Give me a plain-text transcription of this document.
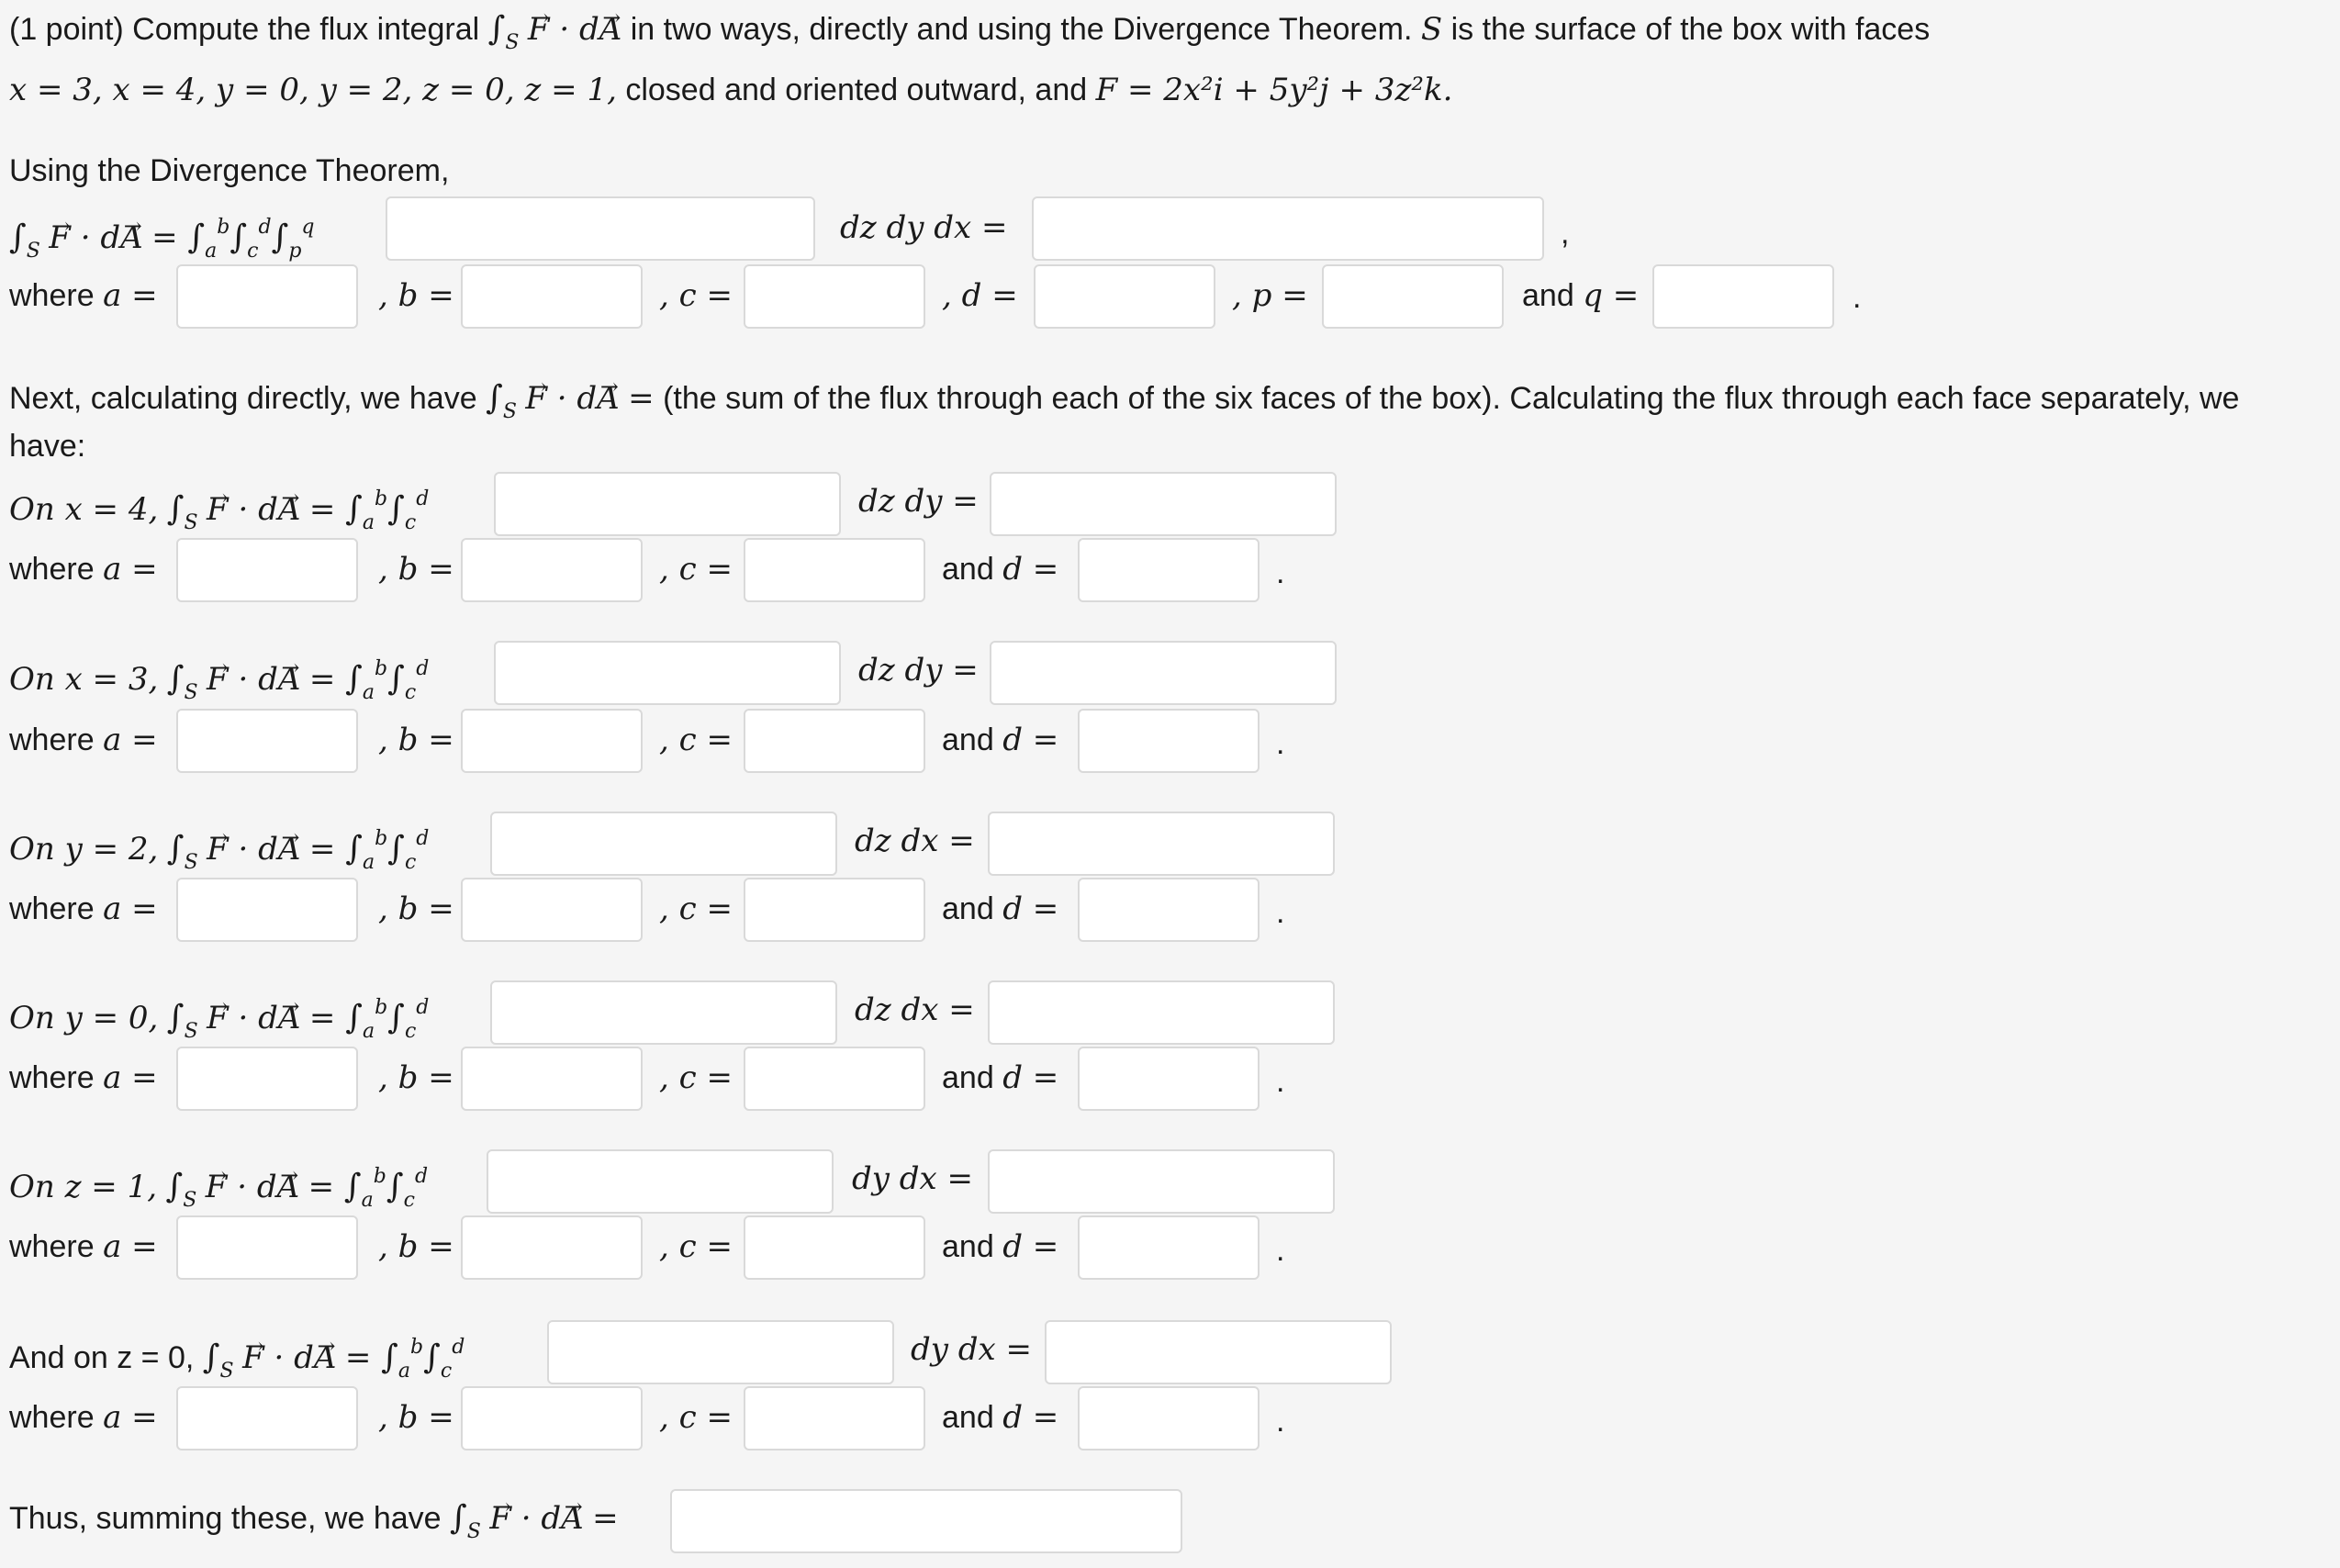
(1 point) Compute the flux integral $\int_S \to F \cdot d\to A$ in two ways, directly and using the Divergence Theorem. S is the surface of the box with faces
x = 3, x = 4, y = 0, y = 2, z = 0, z = 1, closed and oriented outward, and F = 2x²i + 5y²j + 3z²k.
Using the Divergence Theorem,
$\int_S \to F \cdot d\to A = \int_a^b\int_c^d\int_p^q$	dz dy dx =	,
where a =	, b =	, c =	, d =	, p =	and q =	.
Next, calculating directly, we have $\int_S \to F \cdot d\to A = (the$ sum of the flux through each of the six faces of the box). Calculating the flux through each face separately, we
have:
On x = 4, $\int_S \to F \cdot d\to A = \int_a^b\int_c^d$	dz dy =
where a =	, b =	, c =	and d =	.
On x = 3, $\int_S \to F \cdot d\to A = \int_a^b\int_c^d$	dz dy =
where a =	, b =	, c =	and d =	.
On y = 2, $\int_S \to F \cdot d\to A = \int_a^b\int_c^d$	dz dx =
where a =	, b =	, c =	and d =	.
On y = 0, $\int_S \to F \cdot d\to A = \int_a^b\int_c^d$	dz dx =
where a =	, b =	, c =	and d =	.
On z = 1, $\int_S \to F \cdot d\to A = \int_a^b\int_c^d$	dy dx =
where a =	, b =	, c =	and d =	.
And on z = 0, $\int_S \to F \cdot d\to A = \int_a^b\int_c^d$	dy dx =
where a =	, b =	, c =	and d =	.
Thus, summing these, we have $\int_S \to F \cdot d\to A$ =
